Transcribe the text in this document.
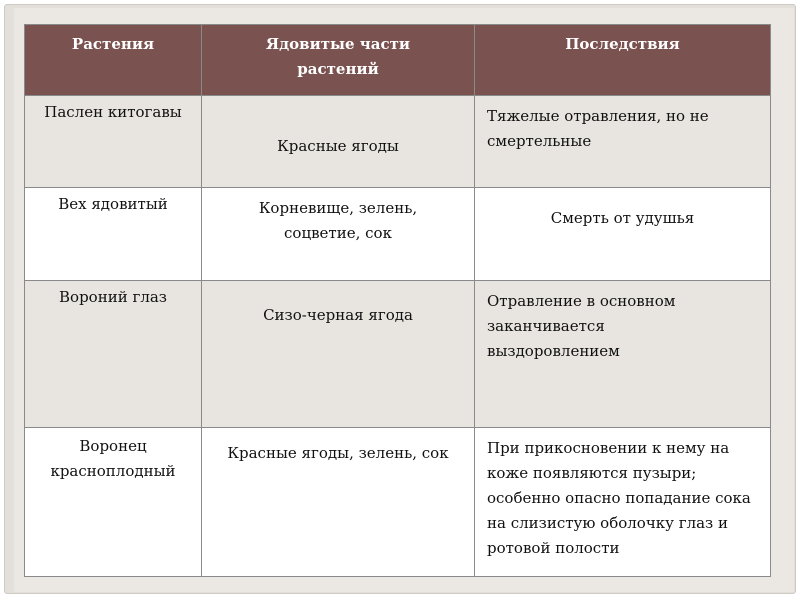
Растения	Ядовитые части растений	Последствия
Паслен китогавы	Красные ягоды	Тяжелые отравления, но не смертельные
Вех ядовитый	Корневище, зелень, соцветие, сок	Смерть от удушья
Вороний глаз	Сизо-черная ягода	Отравление в основном заканчивается выздоровлением
Воронец красноплодный	Красные ягоды, зелень, сок	При прикосновении к нему на коже появляются пузыри; особенно опасно попадание сока на слизистую оболочку глаз и ротовой полости
